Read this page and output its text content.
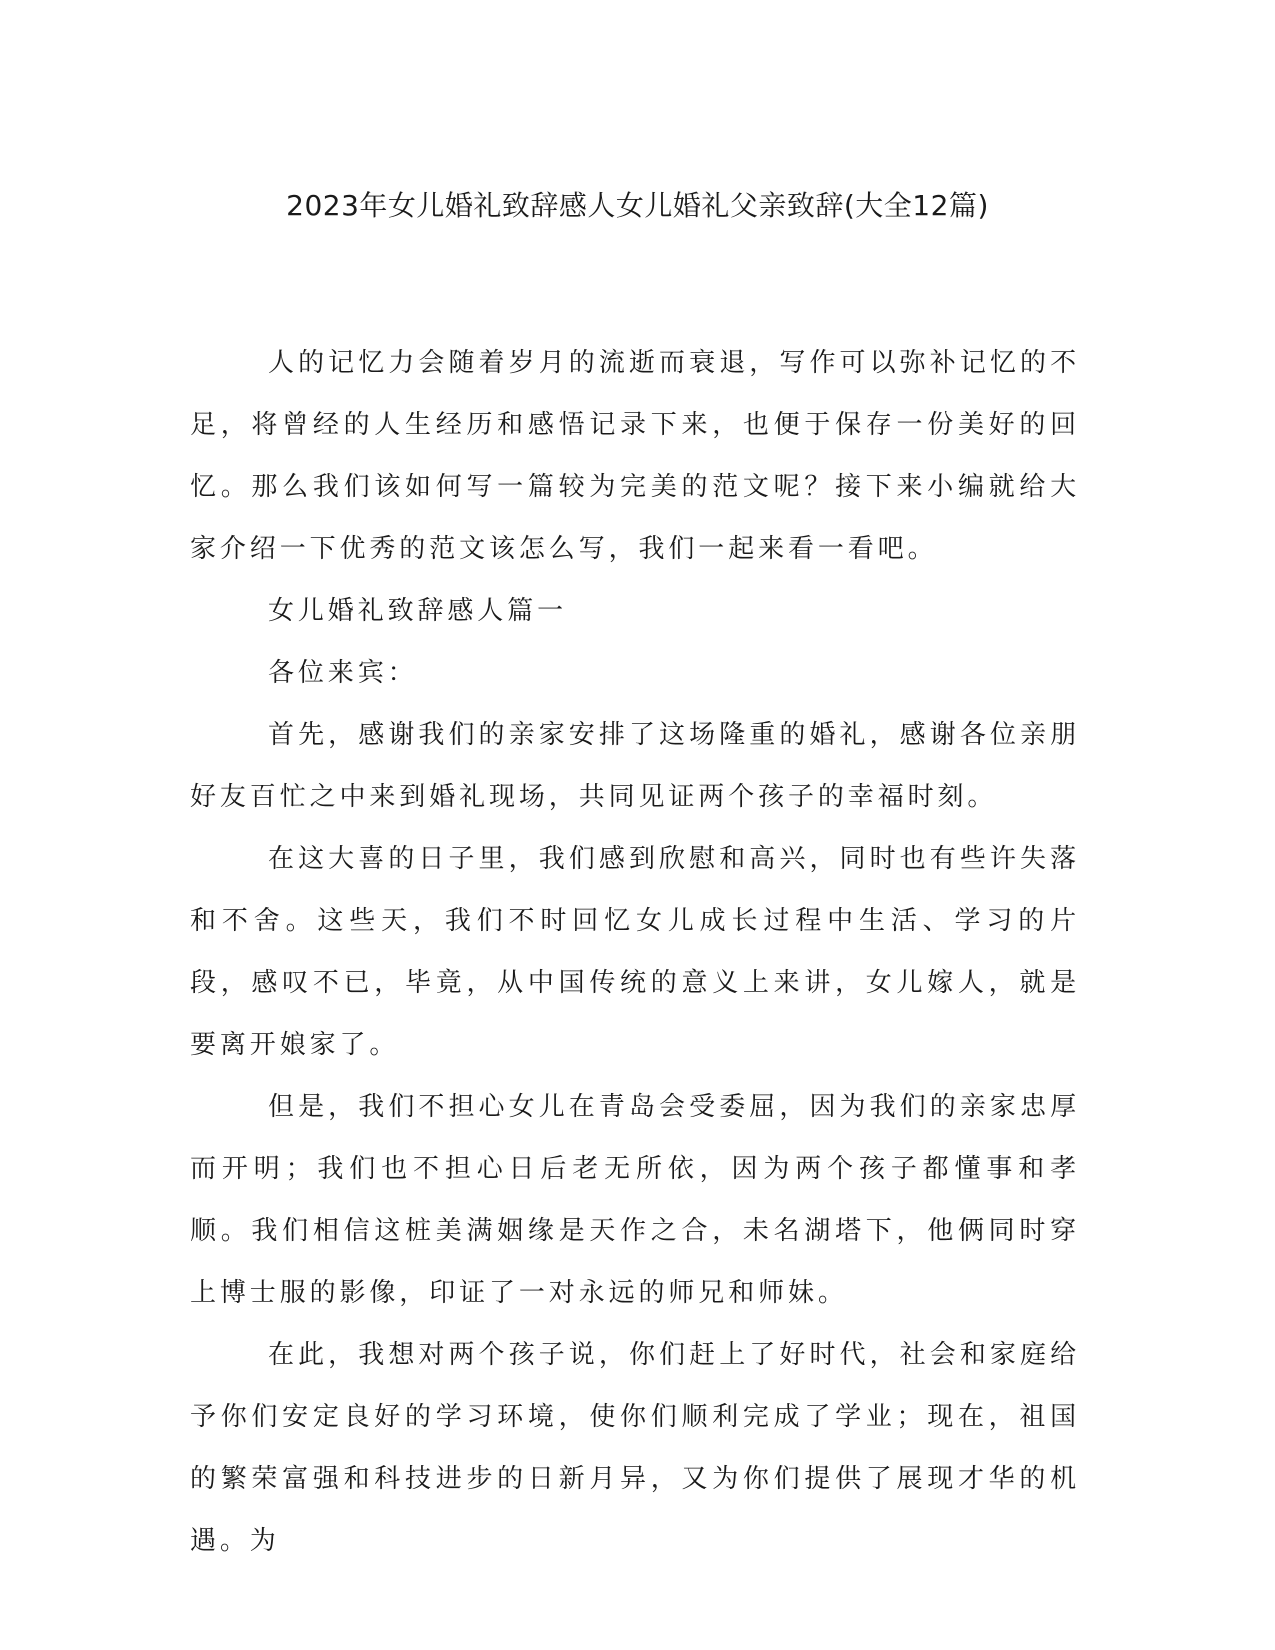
2023年女儿婚礼致辞感人女儿婚礼父亲致辞(大全12篇)

人的记忆力会随着岁月的流逝而衰退，写作可以弥补记忆的不足，将曾经的人生经历和感悟记录下来，也便于保存一份美好的回忆。那么我们该如何写一篇较为完美的范文呢？接下来小编就给大家介绍一下优秀的范文该怎么写，我们一起来看一看吧。

女儿婚礼致辞感人篇一

各位来宾：

首先，感谢我们的亲家安排了这场隆重的婚礼，感谢各位亲朋好友百忙之中来到婚礼现场，共同见证两个孩子的幸福时刻。

在这大喜的日子里，我们感到欣慰和高兴，同时也有些许失落和不舍。这些天，我们不时回忆女儿成长过程中生活、学习的片段，感叹不已，毕竟，从中国传统的意义上来讲，女儿嫁人，就是要离开娘家了。

但是，我们不担心女儿在青岛会受委屈，因为我们的亲家忠厚而开明；我们也不担心日后老无所依，因为两个孩子都懂事和孝顺。我们相信这桩美满姻缘是天作之合，未名湖塔下，他俩同时穿上博士服的影像，印证了一对永远的师兄和师妹。

在此，我想对两个孩子说，你们赶上了好时代，社会和家庭给予你们安定良好的学习环境，使你们顺利完成了学业；现在，祖国的繁荣富强和科技进步的日新月异，又为你们提供了展现才华的机遇。为
